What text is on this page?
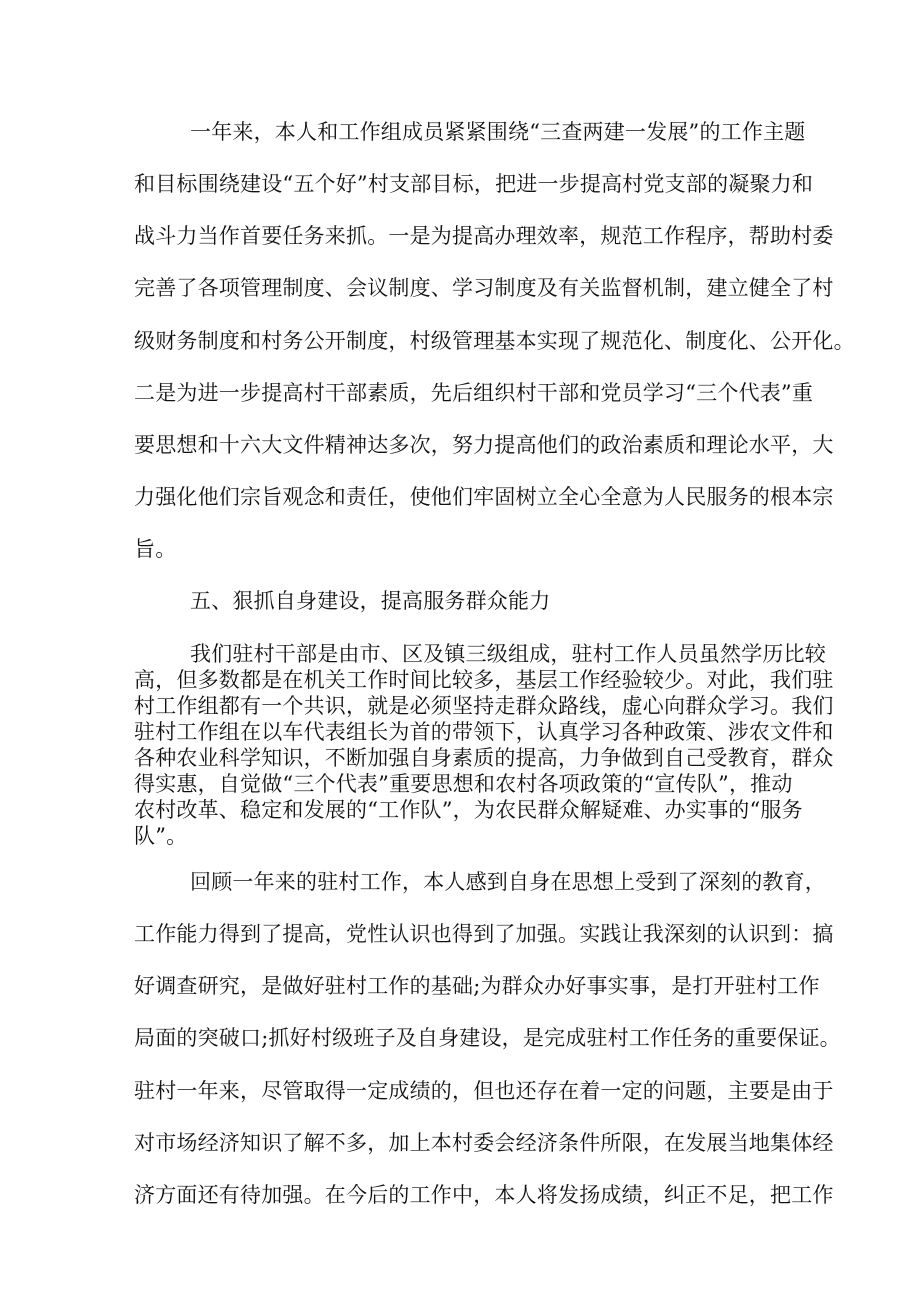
一年来，本人和工作组成员紧紧围绕“三查两建一发展”的工作主题
和目标围绕建设“五个好”村支部目标，把进一步提高村党支部的凝聚力和
战斗力当作首要任务来抓。一是为提高办理效率，规范工作程序，帮助村委
完善了各项管理制度、会议制度、学习制度及有关监督机制，建立健全了村
级财务制度和村务公开制度，村级管理基本实现了规范化、制度化、公开化。
二是为进一步提高村干部素质，先后组织村干部和党员学习“三个代表”重
要思想和十六大文件精神达多次，努力提高他们的政治素质和理论水平，大
力强化他们宗旨观念和责任，使他们牢固树立全心全意为人民服务的根本宗
旨。
五、狠抓自身建设，提高服务群众能力
我们驻村干部是由市、区及镇三级组成，驻村工作人员虽然学历比较
高，但多数都是在机关工作时间比较多，基层工作经验较少。对此，我们驻
村工作组都有一个共识，就是必须坚持走群众路线，虚心向群众学习。我们
驻村工作组在以车代表组长为首的带领下，认真学习各种政策、涉农文件和
各种农业科学知识，不断加强自身素质的提高，力争做到自己受教育，群众
得实惠，自觉做“三个代表”重要思想和农村各项政策的“宣传队”，推动
农村改革、稳定和发展的“工作队”，为农民群众解疑难、办实事的“服务
队”。
回顾一年来的驻村工作，本人感到自身在思想上受到了深刻的教育，
工作能力得到了提高，党性认识也得到了加强。实践让我深刻的认识到：搞
好调查研究，是做好驻村工作的基础;为群众办好事实事，是打开驻村工作
局面的突破口;抓好村级班子及自身建设，是完成驻村工作任务的重要保证。
驻村一年来，尽管取得一定成绩的，但也还存在着一定的问题，主要是由于
对市场经济知识了解不多，加上本村委会经济条件所限，在发展当地集体经
济方面还有待加强。在今后的工作中，本人将发扬成绩，纠正不足，把工作
